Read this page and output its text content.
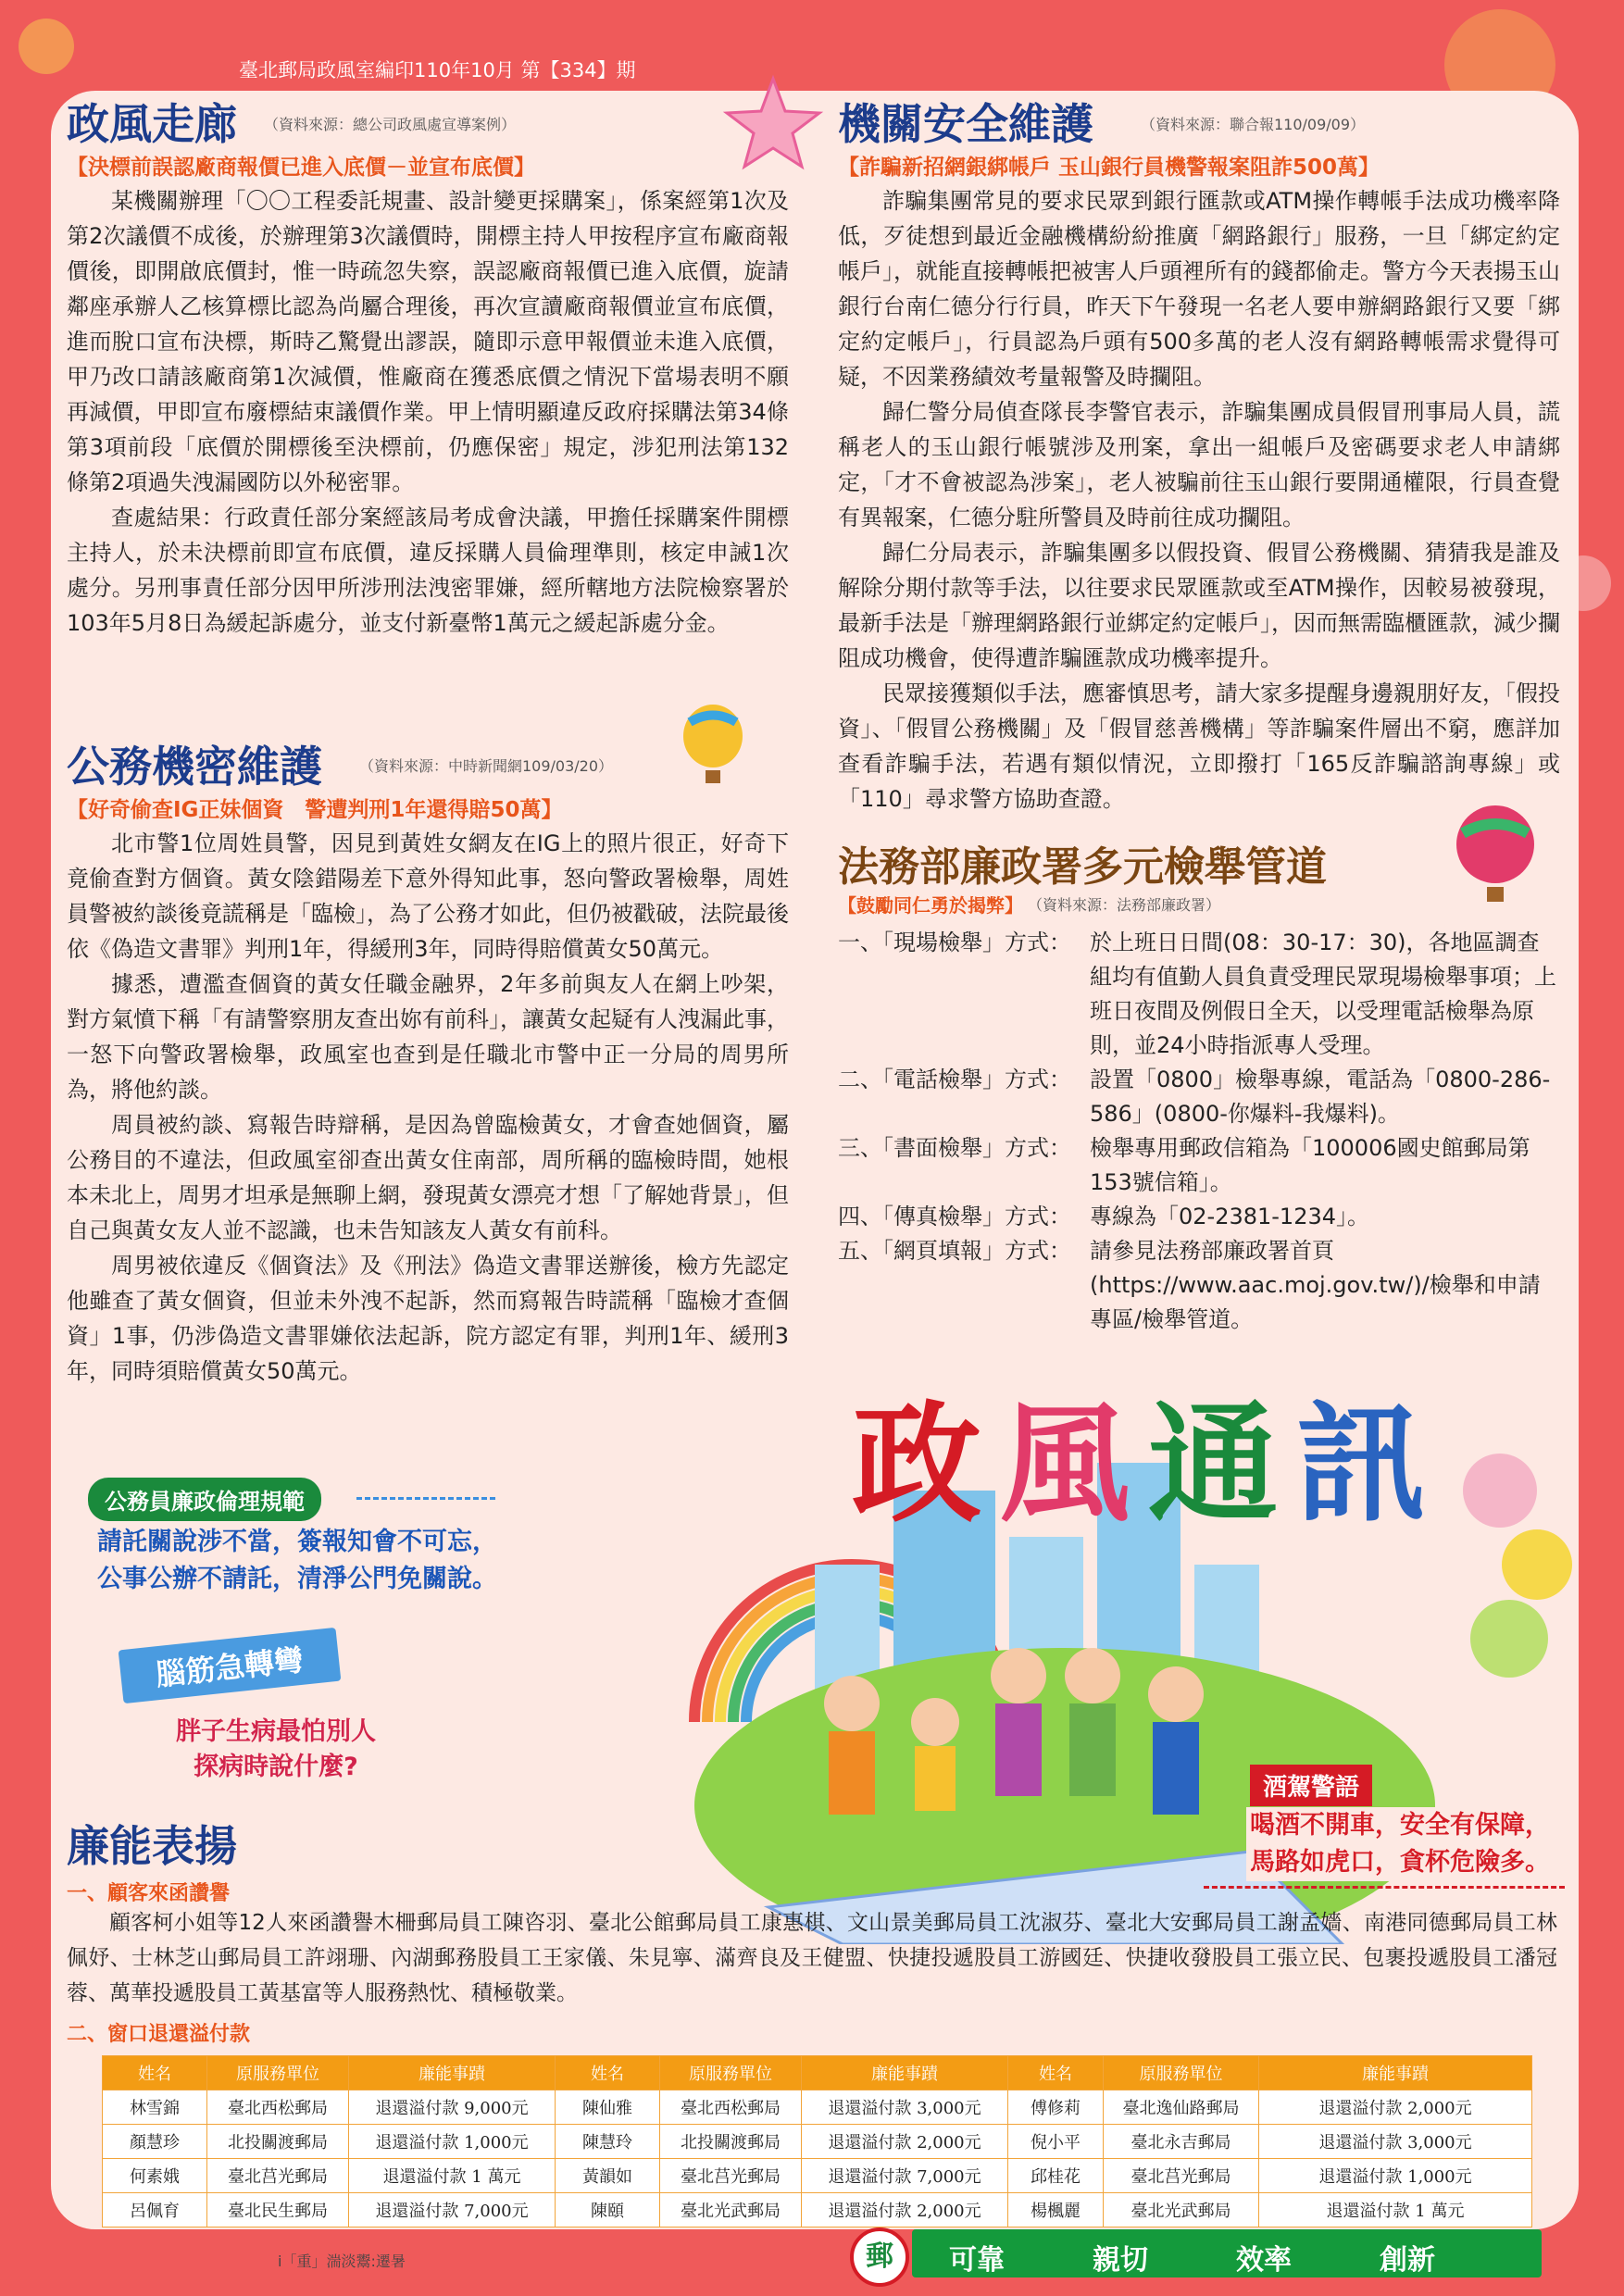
臺北郵局政風室編印110年10月 第【334】期
政風走廊 （資料來源：總公司政風處宣導案例）
【決標前誤認廠商報價已進入底價－並宣布底價】

某機關辦理「〇〇工程委託規畫、設計變更採購案」，係案經第1次及第2次議價不成後，於辦理第3次議價時，開標主持人甲按程序宣布廠商報價後，即開啟底價封，惟一時疏忽失察，誤認廠商報價已進入底價，旋請鄰座承辦人乙核算標比認為尚屬合理後，再次宣讀廠商報價並宣布底價，進而脫口宣布決標，斯時乙驚覺出謬誤，隨即示意甲報價並未進入底價，甲乃改口請該廠商第1次減價，惟廠商在獲悉底價之情況下當場表明不願再減價，甲即宣布廢標結束議價作業。甲上情明顯違反政府採購法第34條第3項前段「底價於開標後至決標前，仍應保密」規定，涉犯刑法第132條第2項過失洩漏國防以外秘密罪。

查處結果：行政責任部分案經該局考成會決議，甲擔任採購案件開標主持人，於未決標前即宣布底價，違反採購人員倫理準則，核定申誡1次處分。另刑事責任部分因甲所涉刑法洩密罪嫌，經所轄地方法院檢察署於103年5月8日為緩起訴處分，並支付新臺幣1萬元之緩起訴處分金。

公務機密維護	（資料來源：中時新聞網109/03/20）
【好奇偷查IG正妹個資　警遭判刑1年還得賠50萬】

北市警1位周姓員警，因見到黃姓女網友在IG上的照片很正，好奇下竟偷查對方個資。黃女陰錯陽差下意外得知此事，怒向警政署檢舉，周姓員警被約談後竟謊稱是「臨檢」，為了公務才如此，但仍被戳破，法院最後依《偽造文書罪》判刑1年，得緩刑3年，同時得賠償黃女50萬元。

據悉，遭濫查個資的黃女任職金融界，2年多前與友人在網上吵架，對方氣憤下稱「有請警察朋友查出妳有前科」，讓黃女起疑有人洩漏此事，一怒下向警政署檢舉，政風室也查到是任職北市警中正一分局的周男所為，將他約談。

周員被約談、寫報告時辯稱，是因為曾臨檢黃女，才會查她個資，屬公務目的不違法，但政風室卻查出黃女住南部，周所稱的臨檢時間，她根本未北上，周男才坦承是無聊上網，發現黃女漂亮才想「了解她背景」，但自己與黃女友人並不認識，也未告知該友人黃女有前科。

周男被依違反《個資法》及《刑法》偽造文書罪送辦後，檢方先認定他雖查了黃女個資，但並未外洩不起訴，然而寫報告時謊稱「臨檢才查個資」1事，仍涉偽造文書罪嫌依法起訴，院方認定有罪，判刑1年、緩刑3年，同時須賠償黃女50萬元。

機關安全維護	（資料來源：聯合報110/09/09）
【詐騙新招網銀綁帳戶 玉山銀行員機警報案阻詐500萬】

詐騙集團常見的要求民眾到銀行匯款或ATM操作轉帳手法成功機率降低，歹徒想到最近金融機構紛紛推廣「網路銀行」服務，一旦「綁定約定帳戶」，就能直接轉帳把被害人戶頭裡所有的錢都偷走。警方今天表揚玉山銀行台南仁德分行行員，昨天下午發現一名老人要申辦網路銀行又要「綁定約定帳戶」，行員認為戶頭有500多萬的老人沒有網路轉帳需求覺得可疑，不因業務績效考量報警及時攔阻。

歸仁警分局偵查隊長李警官表示，詐騙集團成員假冒刑事局人員，謊稱老人的玉山銀行帳號涉及刑案，拿出一組帳戶及密碼要求老人申請綁定，「才不會被認為涉案」，老人被騙前往玉山銀行要開通權限，行員查覺有異報案，仁德分駐所警員及時前往成功攔阻。

歸仁分局表示，詐騙集團多以假投資、假冒公務機關、猜猜我是誰及解除分期付款等手法，以往要求民眾匯款或至ATM操作，因較易被發現，最新手法是「辦理網路銀行並綁定約定帳戶」，因而無需臨櫃匯款，減少攔阻成功機會，使得遭詐騙匯款成功機率提升。

民眾接獲類似手法，應審慎思考，請大家多提醒身邊親朋好友，「假投資」、「假冒公務機關」及「假冒慈善機構」等詐騙案件層出不窮，應詳加查看詐騙手法，若遇有類似情況，立即撥打「165反詐騙諮詢專線」或「110」尋求警方協助查證。

法務部廉政署多元檢舉管道
【鼓勵同仁勇於揭弊】 （資料來源：法務部廉政署）
一、「現場檢舉」方式： 於上班日日間(08：30-17：30)，各地區調查組均有值勤人員負責受理民眾現場檢舉事項；上班日夜間及例假日全天，以受理電話檢舉為原則，並24小時指派專人受理。
二、「電話檢舉」方式： 設置「0800」檢舉專線，電話為「0800-286-586」(0800-你爆料-我爆料)。
三、「書面檢舉」方式： 檢舉專用郵政信箱為「100006國史館郵局第153號信箱」。
四、「傳真檢舉」方式： 專線為「02-2381-1234」。
五、「網頁填報」方式： 請參見法務部廉政署首頁(https://www.aac.moj.gov.tw/)/檢舉和申請專區/檢舉管道。
公務員廉政倫理規範
請託關說涉不當，簽報知會不可忘，
公事公辦不請託，清淨公門免關說。
腦筋急轉彎
胖子生病最怕別人
探病時說什麼?
政風通訊
酒駕警語
喝酒不開車，安全有保障，
馬路如虎口，貪杯危險多。
廉能表揚
一、顧客來函讚譽

顧客柯小姐等12人來函讚譽木柵郵局員工陳咨羽、臺北公館郵局員工康惠棋、文山景美郵局員工沈淑芬、臺北大安郵局員工謝孟嬙、南港同德郵局員工林佩妤、士林芝山郵局員工許翊珊、內湖郵務股員工王家儀、朱見寧、滿齊良及王健盟、快捷投遞股員工游國廷、快捷收發股員工張立民、包裹投遞股員工潘冠蓉、萬華投遞股員工黃基富等人服務熱忱、積極敬業。

二、窗口退還溢付款
姓名	原服務單位	廉能事蹟	姓名	原服務單位	廉能事蹟	姓名	原服務單位	廉能事蹟
林雪錦	臺北西松郵局	退還溢付款 9,000元	陳仙雅	臺北西松郵局	退還溢付款 3,000元	傅修莉	臺北逸仙路郵局	退還溢付款 2,000元
顏慧珍	北投關渡郵局	退還溢付款 1,000元	陳慧玲	北投關渡郵局	退還溢付款 2,000元	倪小平	臺北永吉郵局	退還溢付款 3,000元
何素娥	臺北莒光郵局	退還溢付款 1 萬元	黃韻如	臺北莒光郵局	退還溢付款 7,000元	邱桂花	臺北莒光郵局	退還溢付款 1,000元
呂佩育	臺北民生郵局	退還溢付款 7,000元	陳頤	臺北光武郵局	退還溢付款 2,000元	楊楓麗	臺北光武郵局	退還溢付款 1 萬元
郵	可靠	親切	效率	創新
i「重」湍淡鬻:遷暑
